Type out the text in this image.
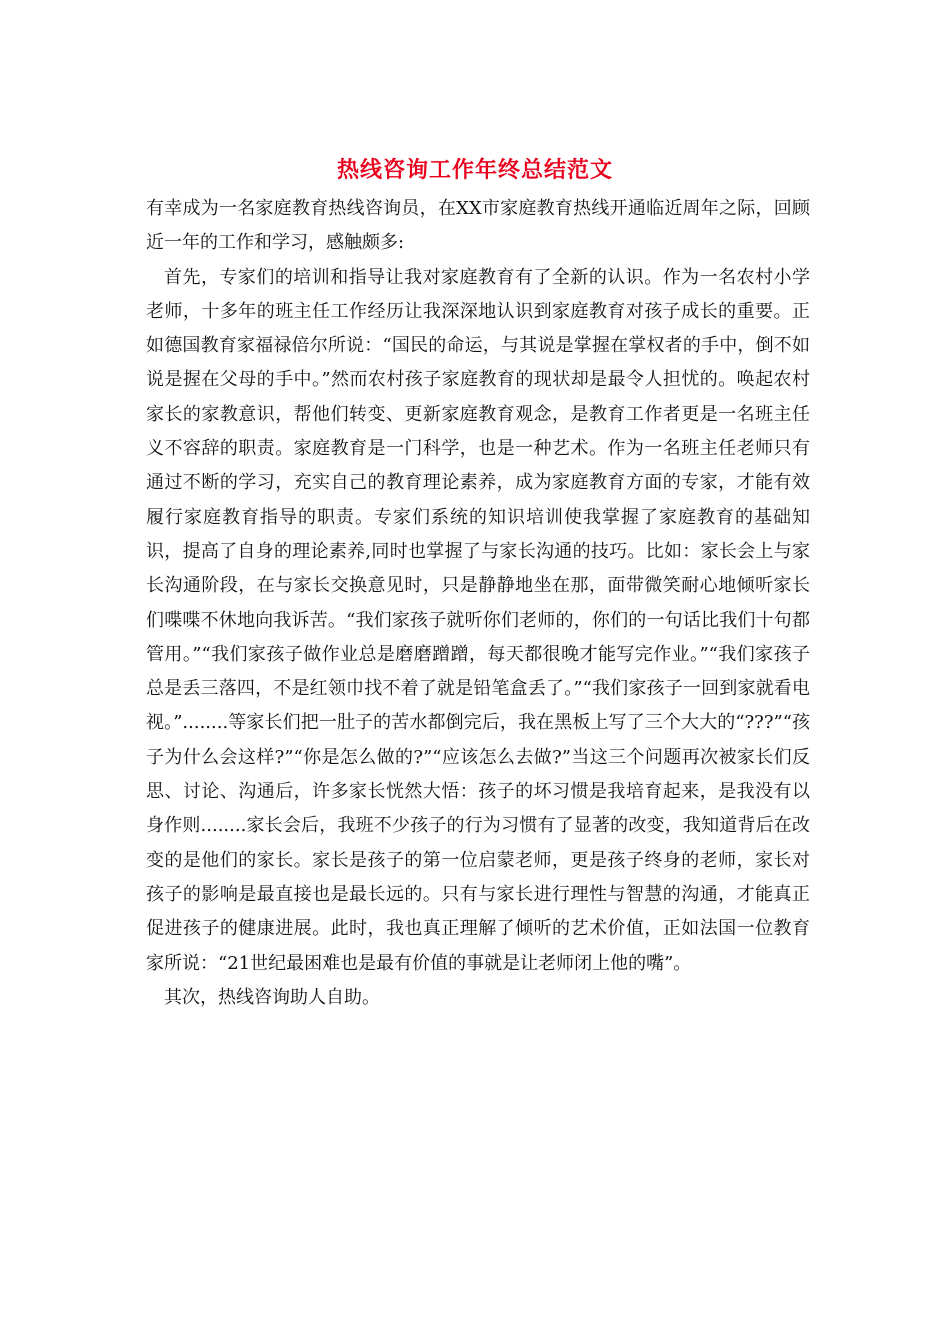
热线咨询工作年终总结范文

有幸成为一名家庭教育热线咨询员，在XX市家庭教育热线开通临近周年之际，回顾近一年的工作和学习，感触颇多:

首先，专家们的培训和指导让我对家庭教育有了全新的认识。作为一名农村小学老师，十多年的班主任工作经历让我深深地认识到家庭教育对孩子成长的重要。正如德国教育家福禄倍尔所说：“国民的命运，与其说是掌握在掌权者的手中，倒不如说是握在父母的手中。”然而农村孩子家庭教育的现状却是最令人担忧的。唤起农村家长的家教意识，帮他们转变、更新家庭教育观念，是教育工作者更是一名班主任义不容辞的职责。家庭教育是一门科学，也是一种艺术。作为一名班主任老师只有通过不断的学习，充实自己的教育理论素养，成为家庭教育方面的专家，才能有效履行家庭教育指导的职责。专家们系统的知识培训使我掌握了家庭教育的基础知识，提高了自身的理论素养,同时也掌握了与家长沟通的技巧。比如：家长会上与家长沟通阶段，在与家长交换意见时，只是静静地坐在那，面带微笑耐心地倾听家长们喋喋不休地向我诉苦。“我们家孩子就听你们老师的，你们的一句话比我们十句都管用。”“我们家孩子做作业总是磨磨蹭蹭，每天都很晚才能写完作业。”“我们家孩子总是丢三落四，不是红领巾找不着了就是铅笔盒丢了。”“我们家孩子一回到家就看电视。”........等家长们把一肚子的苦水都倒完后，我在黑板上写了三个大大的“???”“孩子为什么会这样?”“你是怎么做的?”“应该怎么去做?”当这三个问题再次被家长们反思、讨论、沟通后，许多家长恍然大悟：孩子的坏习惯是我培育起来，是我没有以身作则........家长会后，我班不少孩子的行为习惯有了显著的改变，我知道背后在改变的是他们的家长。家长是孩子的第一位启蒙老师，更是孩子终身的老师，家长对孩子的影响是最直接也是最长远的。只有与家长进行理性与智慧的沟通，才能真正促进孩子的健康进展。此时，我也真正理解了倾听的艺术价值，正如法国一位教育家所说：“21世纪最困难也是最有价值的事就是让老师闭上他的嘴”。

其次，热线咨询助人自助。
